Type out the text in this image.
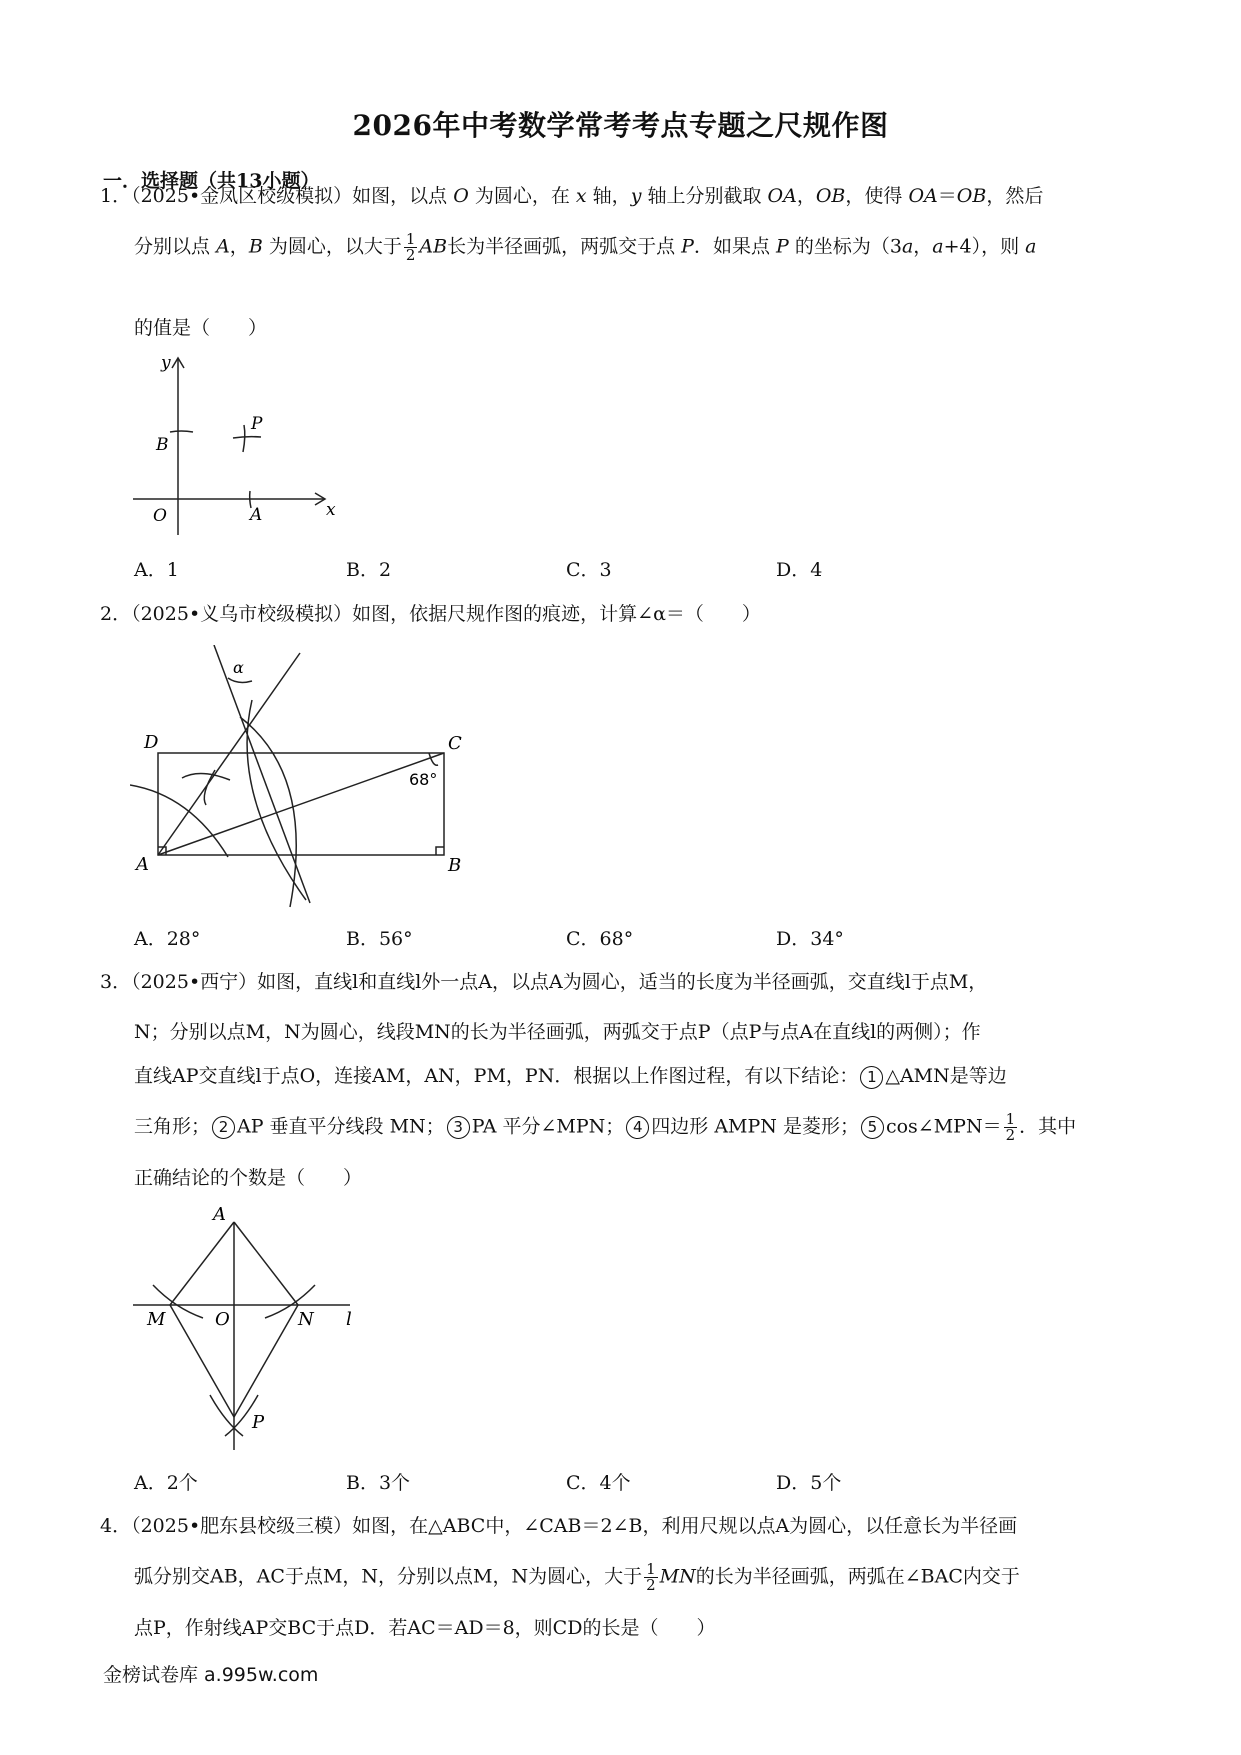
2026年中考数学常考考点专题之尺规作图
一．选择题（共13小题）
1．（2025•金凤区校级模拟）如图，以点 O 为圆心，在 x 轴，y 轴上分别截取 OA，OB，使得 OA＝OB，然后
分别以点 A，B 为圆心，以大于 $\frac{1}{2}$ AB长为半径画弧，两弧交于点 P．如果点 P 的坐标为（3a，a+4），则 a
的值是（　　）
y
x
O	A
B
P
A．1	B．2	C．3	D．4
2．（2025•义乌市校级模拟）如图，依据尺规作图的痕迹，计算∠α＝（　　）
α
D	C
A	B
68°
A．28°	B．56°	C．68°	D．34°
3．（2025•西宁）如图，直线l和直线l外一点A，以点A为圆心，适当的长度为半径画弧，交直线l于点M，
N；分别以点M，N为圆心，线段MN的长为半径画弧，两弧交于点P（点P与点A在直线l的两侧）；作
直线AP交直线l于点O，连接AM，AN，PM，PN．根据以上作图过程，有以下结论： 1 △AMN是等边
三角形； 2 AP 垂直平分线段 MN； 3 PA 平分∠MPN； 4 四边形 AMPN 是菱形； 5 cos∠MPN＝ $\frac{1}{2}$ ．其中
正确结论的个数是（　　）
A
M	O	N l
P
A．2个	B．3个	C．4个	D．5个
4．（2025•肥东县校级三模）如图，在△ABC中，∠CAB＝2∠B，利用尺规以点A为圆心，以任意长为半径画
弧分别交AB，AC于点M，N，分别以点M，N为圆心，大于 $\frac{1}{2}$ MN的长为半径画弧，两弧在∠BAC内交于
点P，作射线AP交BC于点D．若AC＝AD＝8，则CD的长是（　　）
金榜试卷库 a.995w.com
